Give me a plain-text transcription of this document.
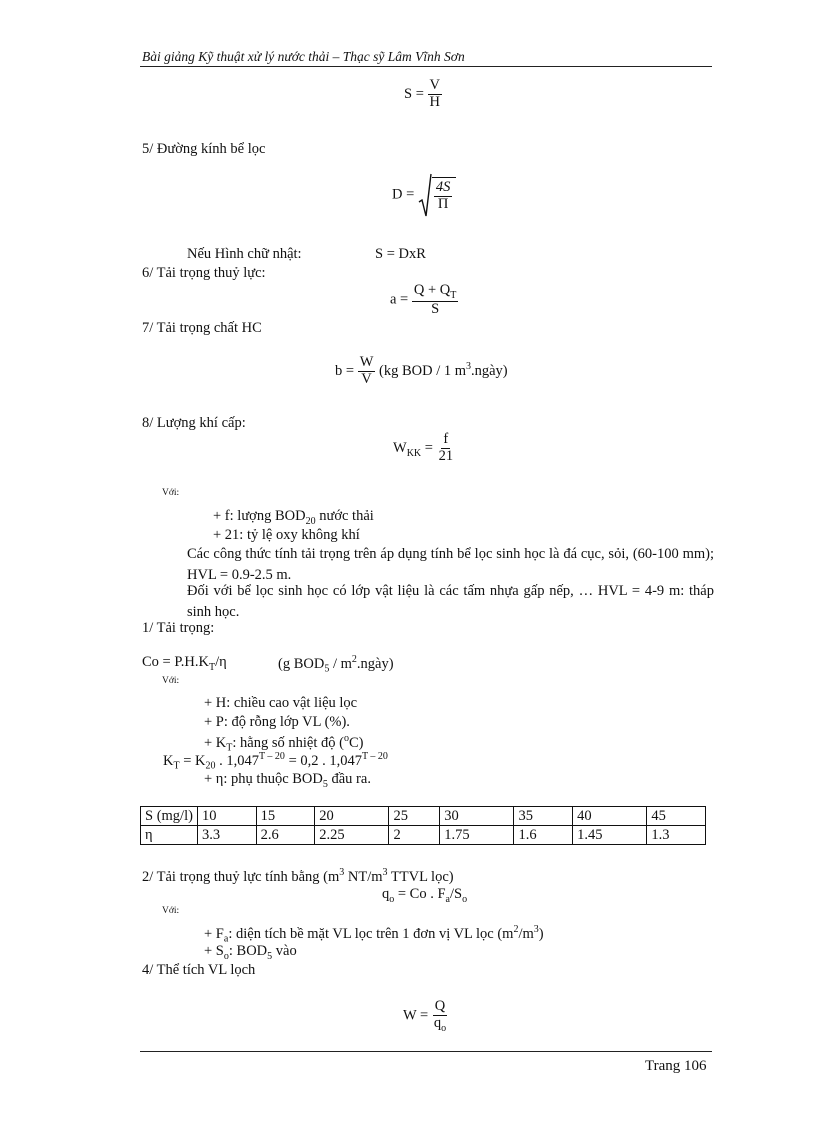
Bài giảng Kỹ thuật xử lý nước thải – Thạc sỹ Lâm Vĩnh Sơn
$S = \frac{V}{H}$
5/ Đường kính bể lọc
$D = \frac{4S}{\Pi}$
Nếu Hình chữ nhật:	S = DxR
6/ Tải trọng thuỷ lực:
$a = \frac{Q + Q_T}{S}$
7/ Tải trọng chất HC
$b = \frac{W}{V} (kg$ BOD / 1 $m^3.ngày$)
8/ Lượng khí cấp:
$W_{KK} = \frac{f}{21}$
Với:
+ f: lượng $BOD_{20}$ nước thải
+ 21: tỷ lệ oxy không khí
Các công thức tính tải trọng trên áp dụng tính bể lọc sinh học là đá cục, sỏi, (60-100 mm); HVL = 0.9-2.5 m.
Đối với bể lọc sinh học có lớp vật liệu là các tấm nhựa gấp nếp, … HVL = 4-9 m: tháp sinh học.
1/ Tải trọng:
$Co = P.H.K_T/\eta$	(g $BOD_5$ / $m^2.ngày$)
Với:
+ H: chiều cao vật liệu lọc
+ P: độ rỗng lớp VL (%).
+ $K_T$: hằng số nhiệt độ ($^o$C)
$K_T = K_{20}$ . $1,047^{T - 20} = 0,2$ . $1,047^{T - 20}$
+ η: phụ thuộc $BOD_5$ đầu ra.
S (mg/l)	10	15	20	25	30	35	40	45
η	3.3	2.6	2.25	2	1.75	1.6	1.45	1.3
2/ Tải trọng thuỷ lực tính bằng ($m^3$ $NT/m^3$ TTVL lọc)
$q_o = Co$ . $F_a/S_o$
Với:
+ $F_a$: diện tích bề mặt VL lọc trên 1 đơn vị VL lọc $(m^2/m^3)$
+ $S_o$: $BOD_5$ vào
4/ Thể tích VL lọch
$W = \frac{Q}{q_o}$
Trang 106
